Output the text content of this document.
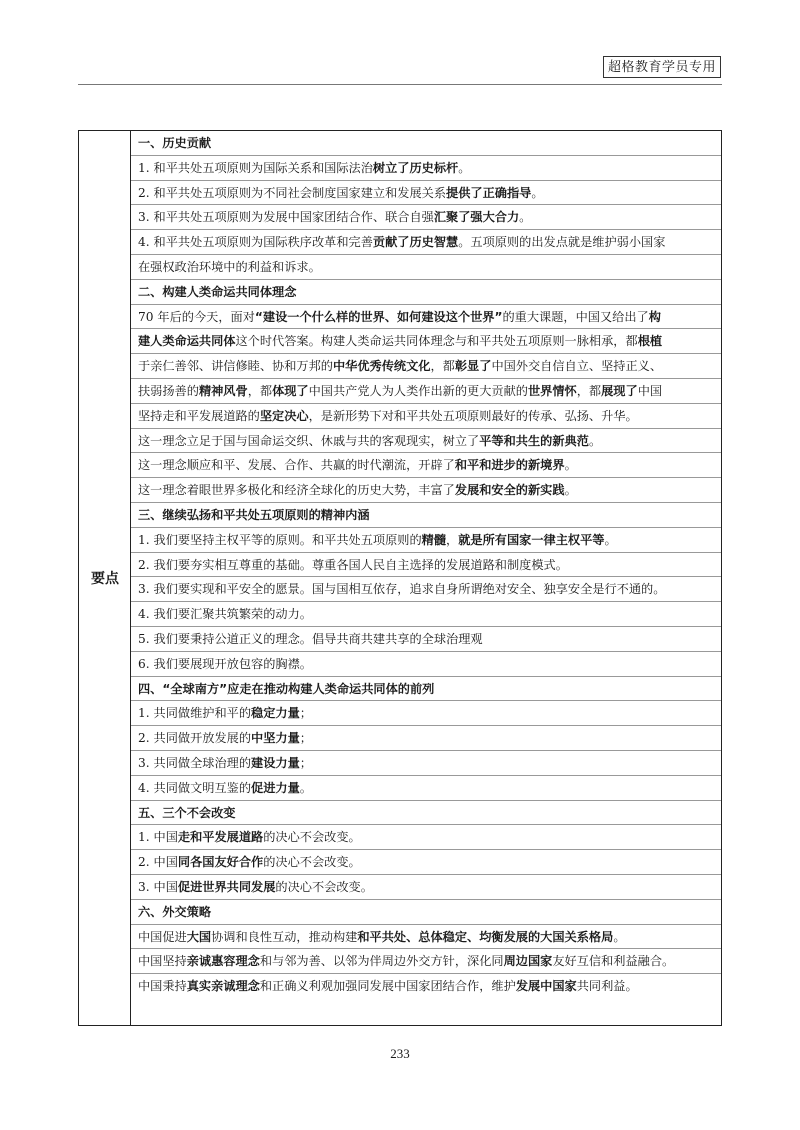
超格教育学员专用
要点
一、历史贡献
1. 和平共处五项原则为国际关系和国际法治树立了历史标杆。
2. 和平共处五项原则为不同社会制度国家建立和发展关系提供了正确指导。
3. 和平共处五项原则为发展中国家团结合作、联合自强汇聚了强大合力。
4. 和平共处五项原则为国际秩序改革和完善贡献了历史智慧。五项原则的出发点就是维护弱小国家
在强权政治环境中的利益和诉求。
二、构建人类命运共同体理念
70 年后的今天，面对“建设一个什么样的世界、如何建设这个世界”的重大课题，中国又给出了构
建人类命运共同体这个时代答案。构建人类命运共同体理念与和平共处五项原则一脉相承，都根植
于亲仁善邻、讲信修睦、协和万邦的中华优秀传统文化，都彰显了中国外交自信自立、坚持正义、
扶弱扬善的精神风骨，都体现了中国共产党人为人类作出新的更大贡献的世界情怀，都展现了中国
坚持走和平发展道路的坚定决心，是新形势下对和平共处五项原则最好的传承、弘扬、升华。
这一理念立足于国与国命运交织、休戚与共的客观现实，树立了平等和共生的新典范。
这一理念顺应和平、发展、合作、共赢的时代潮流，开辟了和平和进步的新境界。
这一理念着眼世界多极化和经济全球化的历史大势，丰富了发展和安全的新实践。
三、继续弘扬和平共处五项原则的精神内涵
1. 我们要坚持主权平等的原则。和平共处五项原则的精髓，就是所有国家一律主权平等。
2. 我们要夯实相互尊重的基础。尊重各国人民自主选择的发展道路和制度模式。
3. 我们要实现和平安全的愿景。国与国相互依存，追求自身所谓绝对安全、独享安全是行不通的。
4. 我们要汇聚共筑繁荣的动力。
5. 我们要秉持公道正义的理念。倡导共商共建共享的全球治理观
6. 我们要展现开放包容的胸襟。
四、“全球南方”应走在推动构建人类命运共同体的前列
1. 共同做维护和平的稳定力量；
2. 共同做开放发展的中坚力量；
3. 共同做全球治理的建设力量；
4. 共同做文明互鉴的促进力量。
五、三个不会改变
1. 中国走和平发展道路的决心不会改变。
2. 中国同各国友好合作的决心不会改变。
3. 中国促进世界共同发展的决心不会改变。
六、外交策略
中国促进大国协调和良性互动，推动构建和平共处、总体稳定、均衡发展的大国关系格局。
中国坚持亲诚惠容理念和与邻为善、以邻为伴周边外交方针，深化同周边国家友好互信和利益融合。
中国秉持真实亲诚理念和正确义利观加强同发展中国家团结合作，维护发展中国家共同利益。
233
